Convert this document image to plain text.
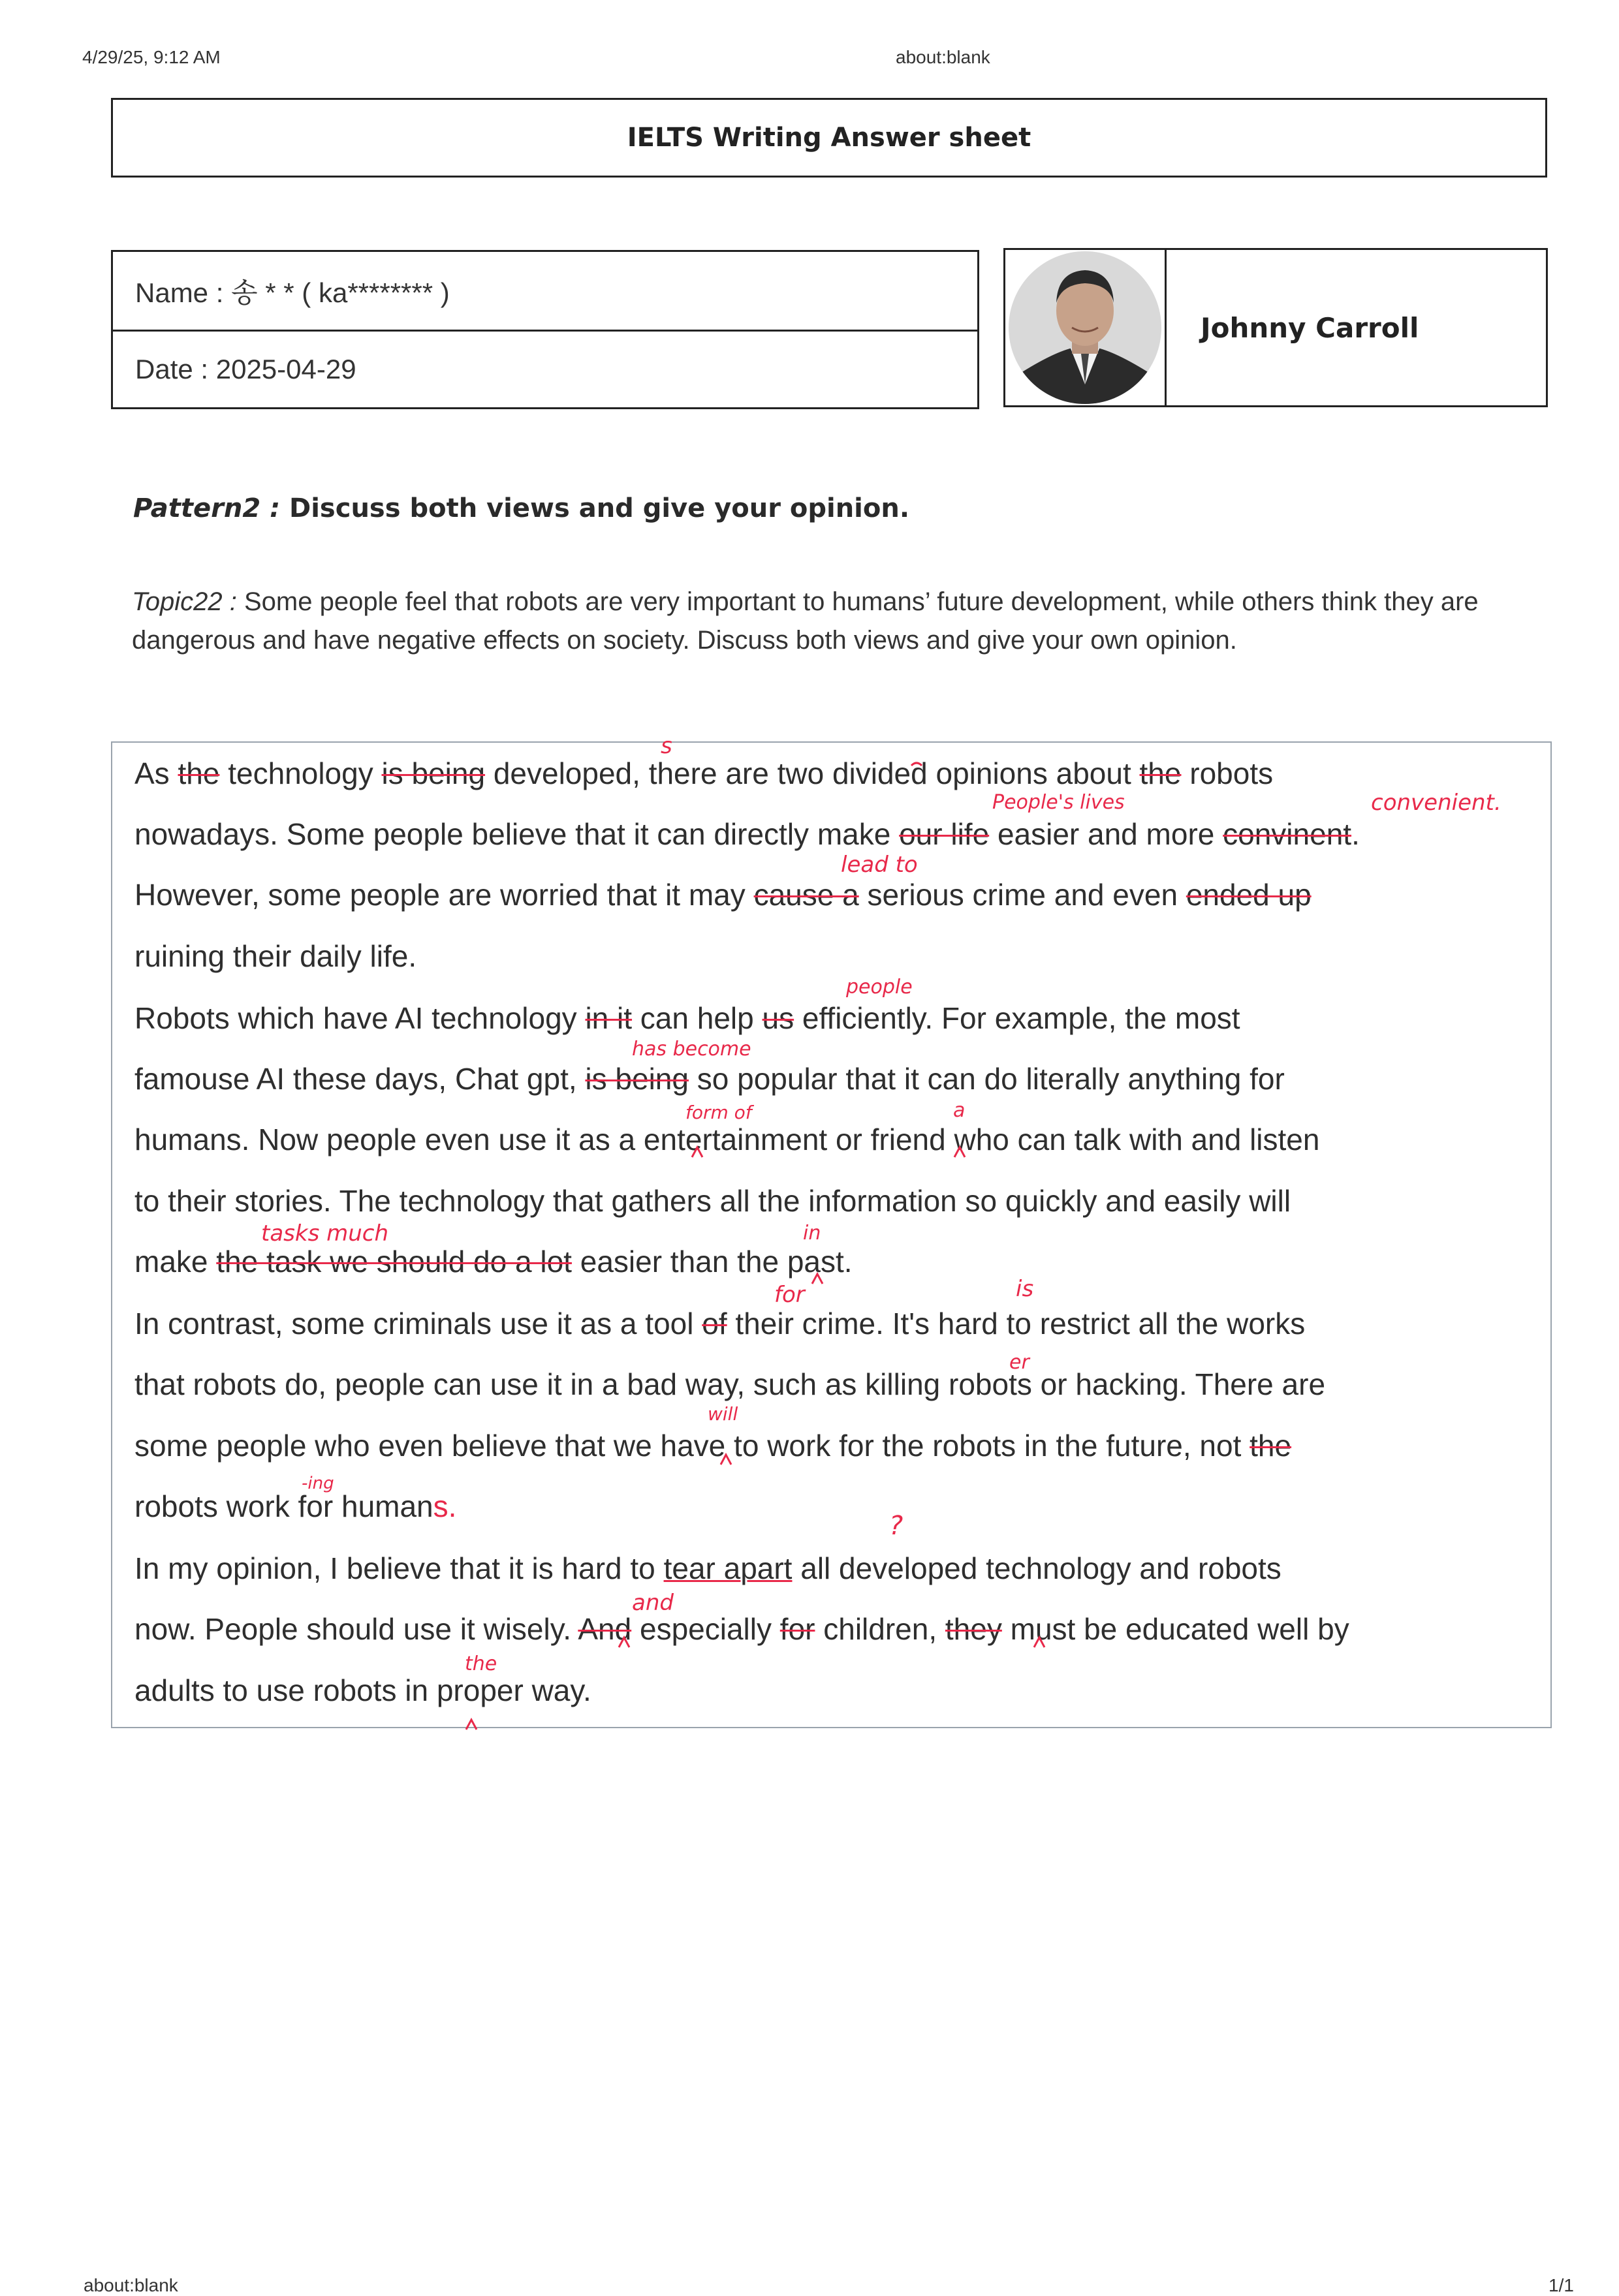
4/29/25, 9:12 AM	about:blank
about:blank	1/1
IELTS Writing Answer sheet
Name : 송 * * ( ka******** )
Date : 2025-04-29
Johnny Carroll
Pattern2 : Discuss both views and give your opinion.
Topic22 : Some people feel that robots are very important to humans’ future development, while others think they are dangerous and have negative effects on society. Discuss both views and give your own opinion.
As the technology is being developed, there are two divided opinions about the robots
nowadays. Some people believe that it can directly make our life easier and more convinent.
However, some people are worried that it may cause a serious crime and even ended up
ruining their daily life.
Robots which have AI technology in it can help us efficiently. For example, the most
famouse AI these days, Chat gpt, is being so popular that it can do literally anything for
humans. Now people even use it as a entertainment or friend who can talk with and listen
to their stories. The technology that gathers all the information so quickly and easily will
make the task we should do a lot easier than the past.
In contrast, some criminals use it as a tool of their crime. It's hard to restrict all the works
that robots do, people can use it in a bad way, such as killing robots or hacking. There are
some people who even believe that we have to work for the robots in the future, not the
robots work for humans.
In my opinion, I believe that it is hard to tear apart all developed technology and robots
now. People should use it wisely. And especially for children, they must be educated well by
adults to use robots in proper way.
s
People's lives	convenient.
lead to
people
has become
form of	a
tasks much	in
for	is
er
will
-ing
?
and
the
